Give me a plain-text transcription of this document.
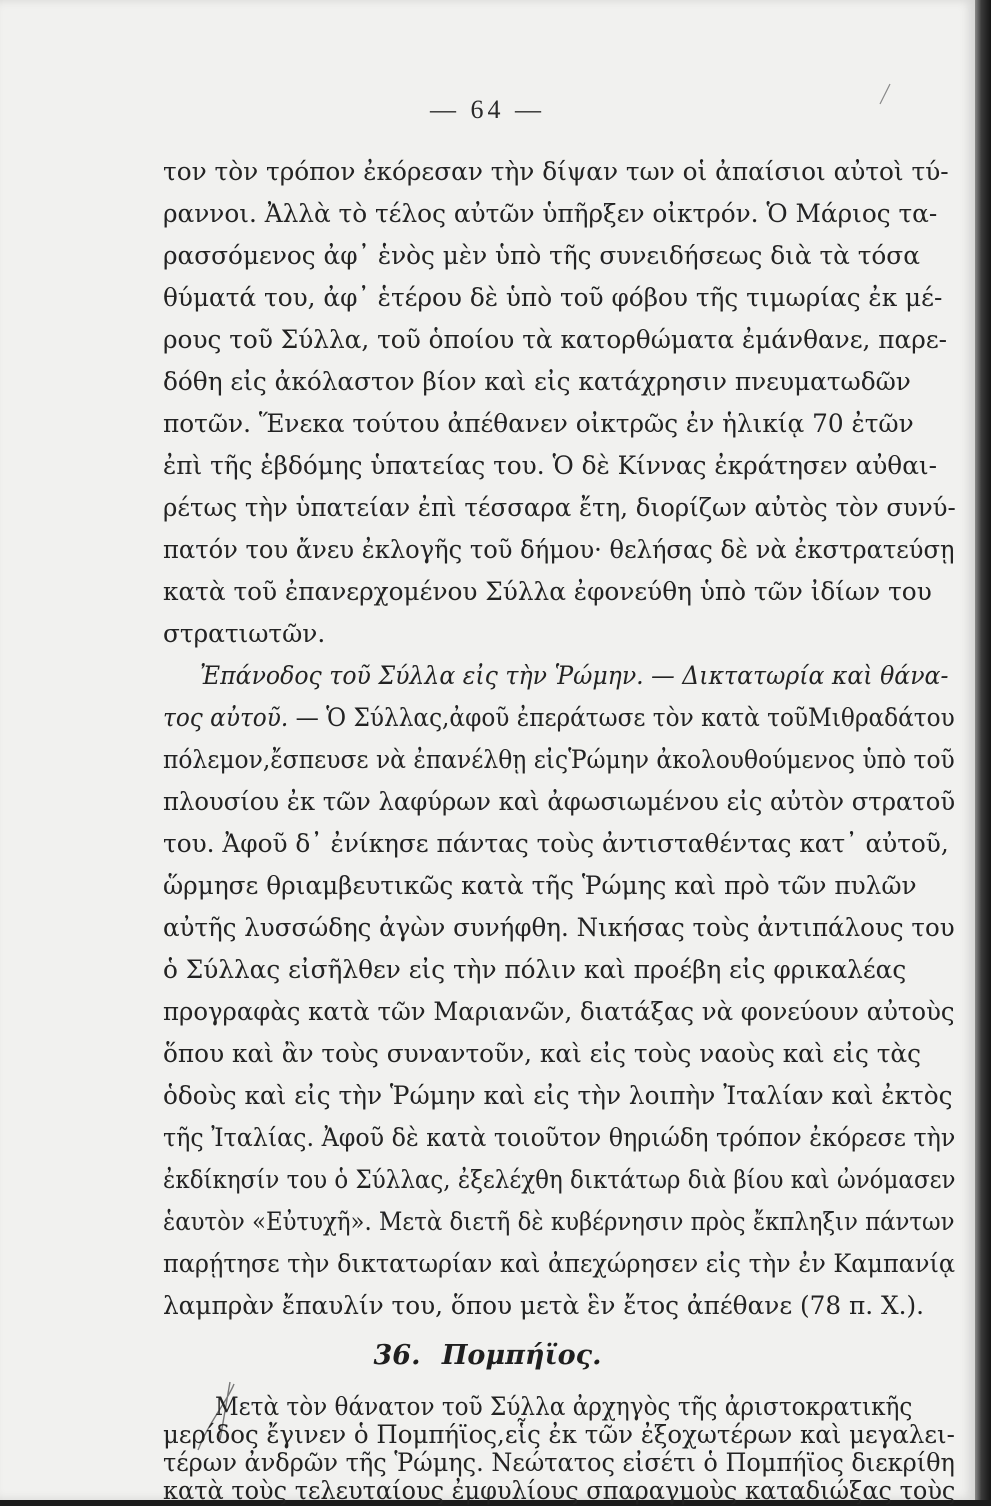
— 64 —
τον τὸν τρόπον ἐκόρεσαν τὴν δίψαν των οἱ ἀπαίσιοι αὐτοὶ τύ-
ραννοι. Ἀλλὰ τὸ τέλος αὐτῶν ὑπῆρξεν οἰκτρόν. Ὁ Μάριος τα-
ρασσόμενος ἀφ᾽ ἑνὸς μὲν ὑπὸ τῆς συνειδήσεως διὰ τὰ τόσα
θύματά του, ἀφ᾽ ἑτέρου δὲ ὑπὸ τοῦ φόβου τῆς τιμωρίας ἐκ μέ-
ρους τοῦ Σύλλα, τοῦ ὁποίου τὰ κατορθώματα ἐμάνθανε, παρε-
δόθη εἰς ἀκόλαστον βίον καὶ εἰς κατάχρησιν πνευματωδῶν
ποτῶν. Ἕνεκα τούτου ἀπέθανεν οἰκτρῶς ἐν ἡλικίᾳ 70 ἐτῶν
ἐπὶ τῆς ἑβδόμης ὑπατείας του. Ὁ δὲ Κίννας ἐκράτησεν αὐθαι-
ρέτως τὴν ὑπατείαν ἐπὶ τέσσαρα ἔτη, διορίζων αὐτὸς τὸν συνύ-
πατόν του ἄνευ ἐκλογῆς τοῦ δήμου· θελήσας δὲ νὰ ἐκστρατεύσῃ
κατὰ τοῦ ἐπανερχομένου Σύλλα ἐφονεύθη ὑπὸ τῶν ἰδίων του
στρατιωτῶν.
Ἐπάνοδος τοῦ Σύλλα εἰς τὴν Ῥώμην. — Δικτατωρία καὶ θάνα-
τος αὐτοῦ. — Ὁ Σύλλας,ἀφοῦ ἐπεράτωσε τὸν κατὰ τοῦΜιθραδάτου
πόλεμον,ἔσπευσε νὰ ἐπανέλθῃ εἰςῬώμην ἀκολουθούμενος ὑπὸ τοῦ
πλουσίου ἐκ τῶν λαφύρων καὶ ἀφωσιωμένου εἰς αὐτὸν στρατοῦ
του. Ἀφοῦ δ᾽ ἐνίκησε πάντας τοὺς ἀντισταθέντας κατ᾽ αὐτοῦ,
ὥρμησε θριαμβευτικῶς κατὰ τῆς Ῥώμης καὶ πρὸ τῶν πυλῶν
αὐτῆς λυσσώδης ἀγὼν συνήφθη. Νικήσας τοὺς ἀντιπάλους του
ὁ Σύλλας εἰσῆλθεν εἰς τὴν πόλιν καὶ προέβη εἰς φρικαλέας
προγραφὰς κατὰ τῶν Μαριανῶν, διατάξας νὰ φονεύουν αὐτοὺς
ὅπου καὶ ἂν τοὺς συναντοῦν, καὶ εἰς τοὺς ναοὺς καὶ εἰς τὰς
ὁδοὺς καὶ εἰς τὴν Ῥώμην καὶ εἰς τὴν λοιπὴν Ἰταλίαν καὶ ἐκτὸς
τῆς Ἰταλίας. Ἀφοῦ δὲ κατὰ τοιοῦτον θηριώδη τρόπον ἐκόρεσε τὴν
ἐκδίκησίν του ὁ Σύλλας, ἐξελέχθη δικτάτωρ διὰ βίου καὶ ὠνόμασεν
ἑαυτὸν «Εὐτυχῆ». Μετὰ διετῆ δὲ κυβέρνησιν πρὸς ἔκπληξιν πάντων
παρῄτησε τὴν δικτατωρίαν καὶ ἀπεχώρησεν εἰς τὴν ἐν Καμπανίᾳ
λαμπρὰν ἔπαυλίν του, ὅπου μετὰ ἓν ἔτος ἀπέθανε (78 π. Χ.).
36. Πομπήϊος.
Μετὰ τὸν θάνατον τοῦ Σύλλα ἀρχηγὸς τῆς ἀριστοκρατικῆς
μερίδος ἔγινεν ὁ Πομπήϊος,εἷς ἐκ τῶν ἐξοχωτέρων καὶ μεγαλει-
τέρων ἀνδρῶν τῆς Ῥώμης. Νεώτατος εἰσέτι ὁ Πομπήϊος διεκρίθη
κατὰ τοὺς τελευταίους ἐμφυλίους σπαραγμοὺς καταδιώξας τοὺς
